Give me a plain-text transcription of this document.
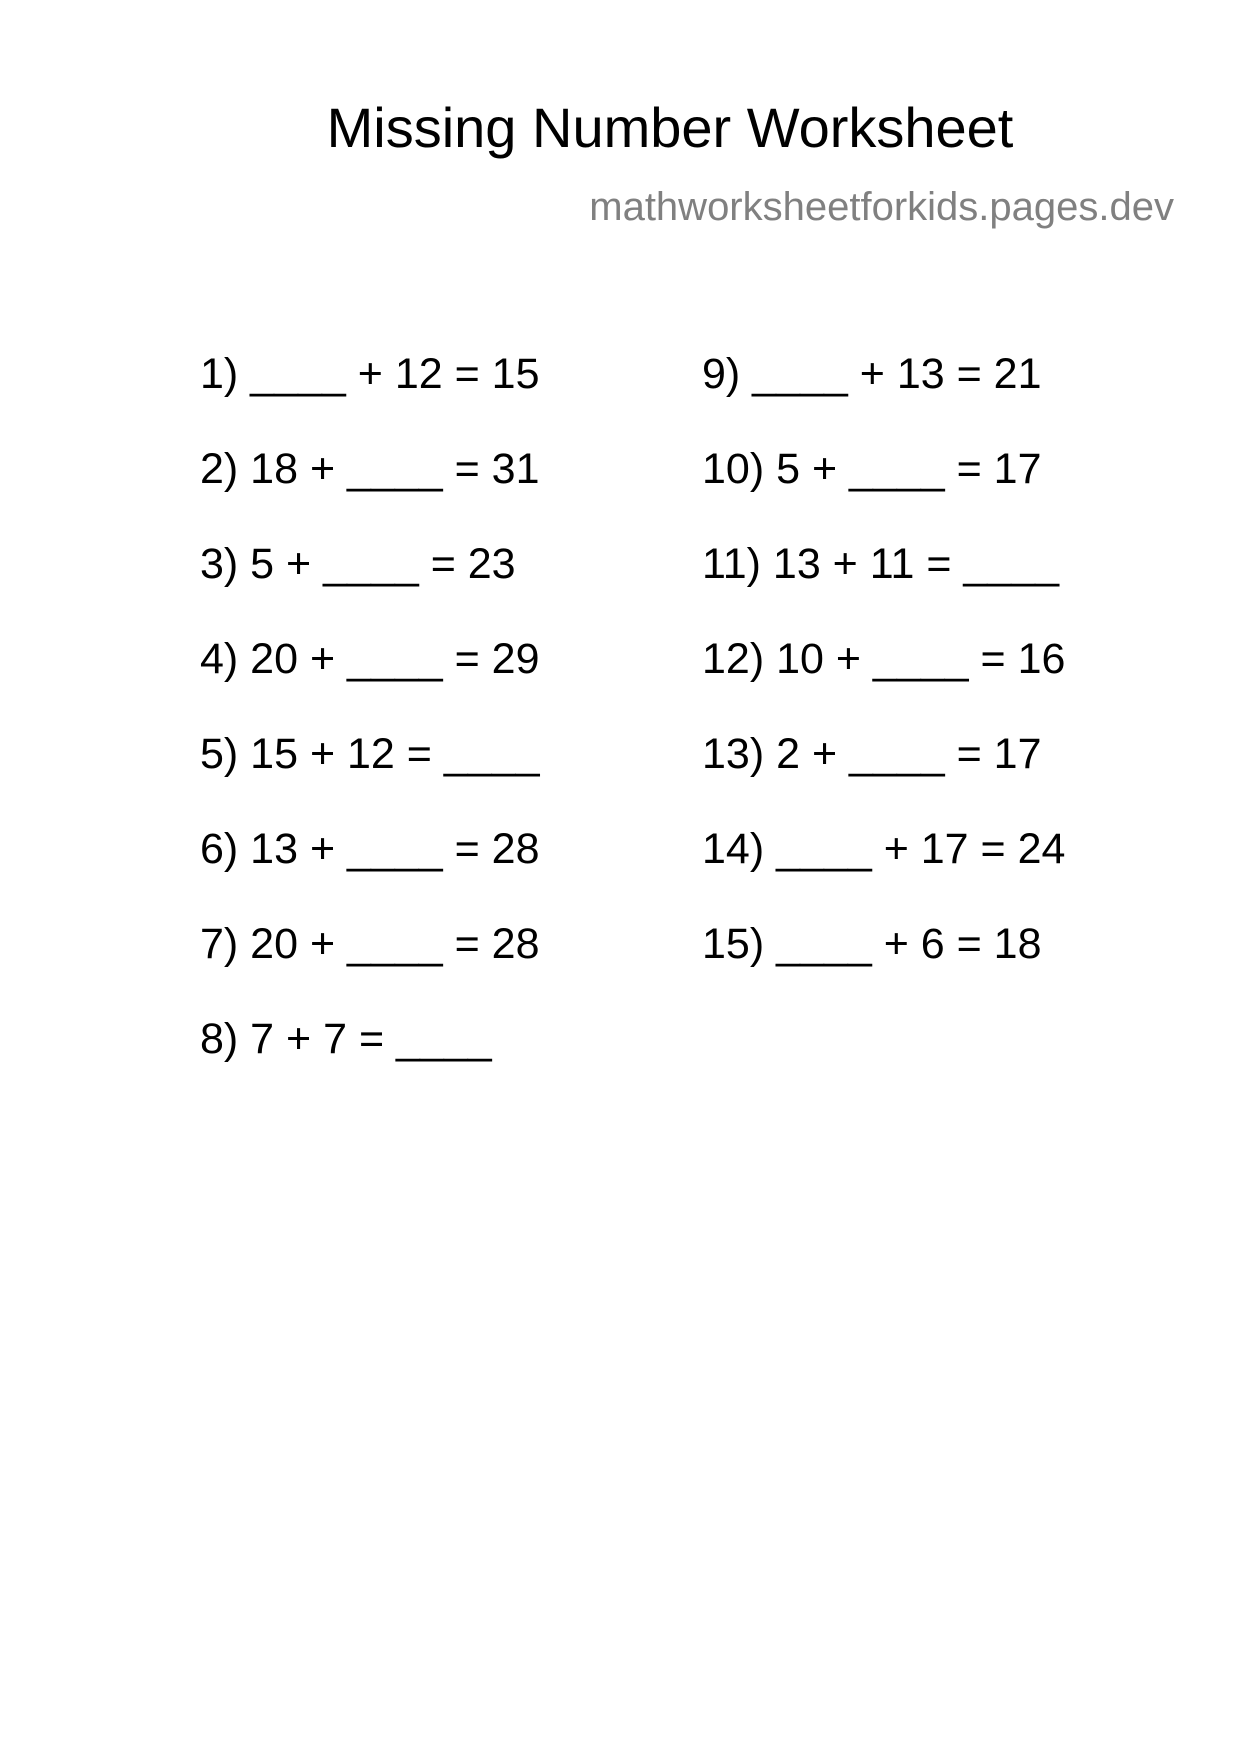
Missing Number Worksheet
mathworksheetforkids.pages.dev
1) ____ + 12 = 15
2) 18 + ____ = 31
3) 5 + ____ = 23
4) 20 + ____ = 29
5) 15 + 12 = ____
6) 13 + ____ = 28
7) 20 + ____ = 28
8) 7 + 7 = ____
9) ____ + 13 = 21
10) 5 + ____ = 17
11) 13 + 11 = ____
12) 10 + ____ = 16
13) 2 + ____ = 17
14) ____ + 17 = 24
15) ____ + 6 = 18
